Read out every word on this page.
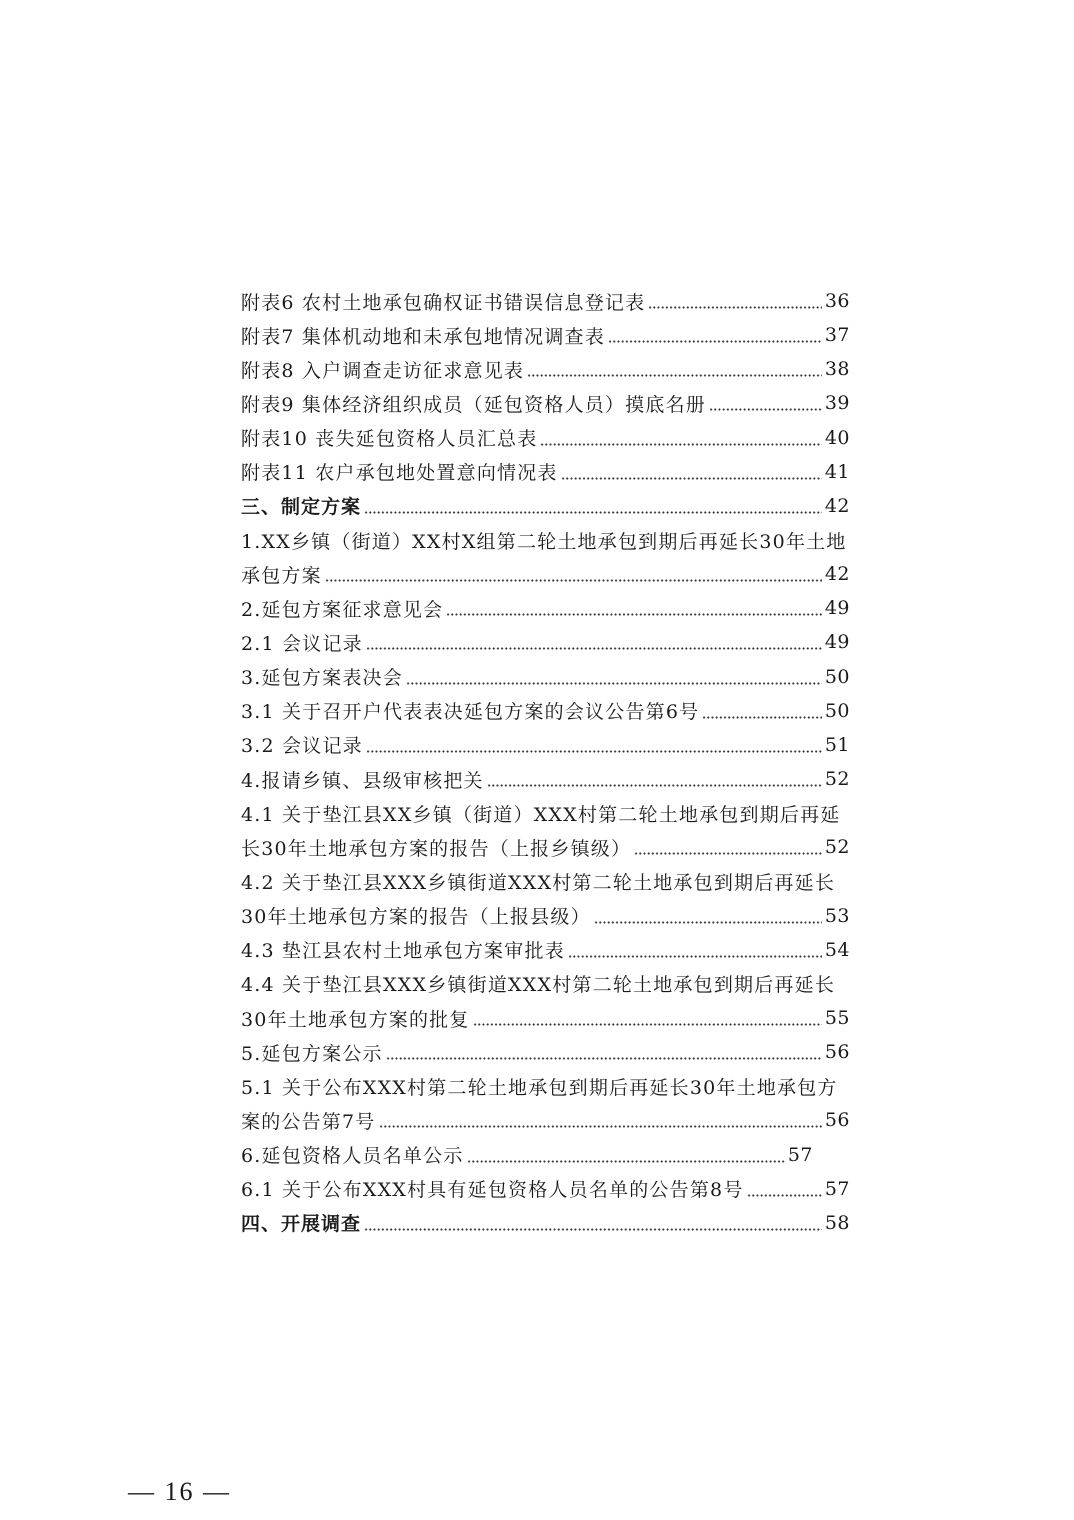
附表6 农村土地承包确权证书错误信息登记表	36
附表7 集体机动地和未承包地情况调查表	37
附表8 入户调查走访征求意见表	38
附表9 集体经济组织成员（延包资格人员）摸底名册	39
附表10 丧失延包资格人员汇总表	40
附表11 农户承包地处置意向情况表	41
三、制定方案	42
1.XX乡镇（街道）XX村X组第二轮土地承包到期后再延长30年土地
承包方案	42
2.延包方案征求意见会	49
2.1 会议记录	49
3.延包方案表决会	50
3.1 关于召开户代表表决延包方案的会议公告第6号	50
3.2 会议记录	51
4.报请乡镇、县级审核把关	52
4.1 关于垫江县XX乡镇（街道）XXX村第二轮土地承包到期后再延
长30年土地承包方案的报告（上报乡镇级）	52
4.2 关于垫江县XXX乡镇街道XXX村第二轮土地承包到期后再延长
30年土地承包方案的报告（上报县级）	53
4.3 垫江县农村土地承包方案审批表	54
4.4 关于垫江县XXX乡镇街道XXX村第二轮土地承包到期后再延长
30年土地承包方案的批复	55
5.延包方案公示	56
5.1 关于公布XXX村第二轮土地承包到期后再延长30年土地承包方
案的公告第7号	56
6.延包资格人员名单公示	57
6.1 关于公布XXX村具有延包资格人员名单的公告第8号	57
四、开展调查	58
— 16 —
